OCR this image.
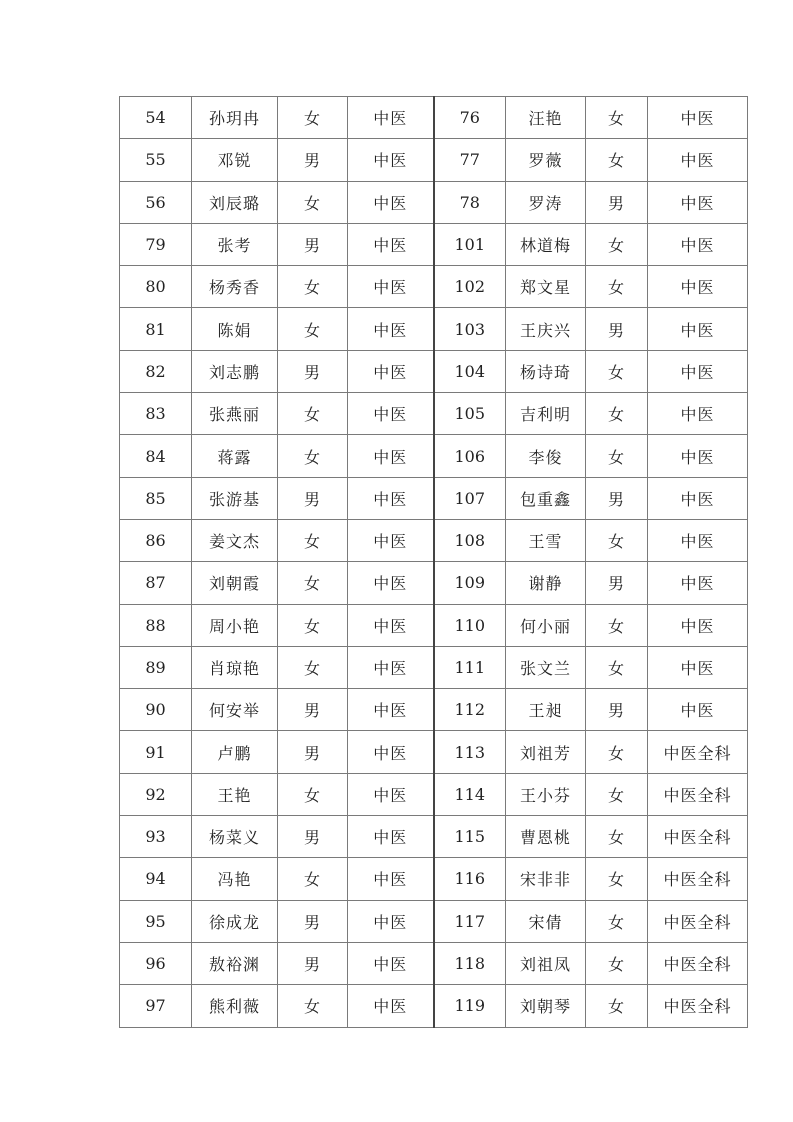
54	孙玥冉	女	中医	76	汪艳	女	中医
55	邓锐	男	中医	77	罗薇	女	中医
56	刘辰璐	女	中医	78	罗涛	男	中医
79	张考	男	中医	101	林道梅	女	中医
80	杨秀香	女	中医	102	郑文星	女	中医
81	陈娟	女	中医	103	王庆兴	男	中医
82	刘志鹏	男	中医	104	杨诗琦	女	中医
83	张燕丽	女	中医	105	吉利明	女	中医
84	蒋露	女	中医	106	李俊	女	中医
85	张游基	男	中医	107	包重鑫	男	中医
86	姜文杰	女	中医	108	王雪	女	中医
87	刘朝霞	女	中医	109	谢静	男	中医
88	周小艳	女	中医	110	何小丽	女	中医
89	肖琼艳	女	中医	111	张文兰	女	中医
90	何安举	男	中医	112	王昶	男	中医
91	卢鹏	男	中医	113	刘祖芳	女	中医全科
92	王艳	女	中医	114	王小芬	女	中医全科
93	杨菜义	男	中医	115	曹恩桃	女	中医全科
94	冯艳	女	中医	116	宋非非	女	中医全科
95	徐成龙	男	中医	117	宋倩	女	中医全科
96	敖裕渊	男	中医	118	刘祖凤	女	中医全科
97	熊利薇	女	中医	119	刘朝琴	女	中医全科
